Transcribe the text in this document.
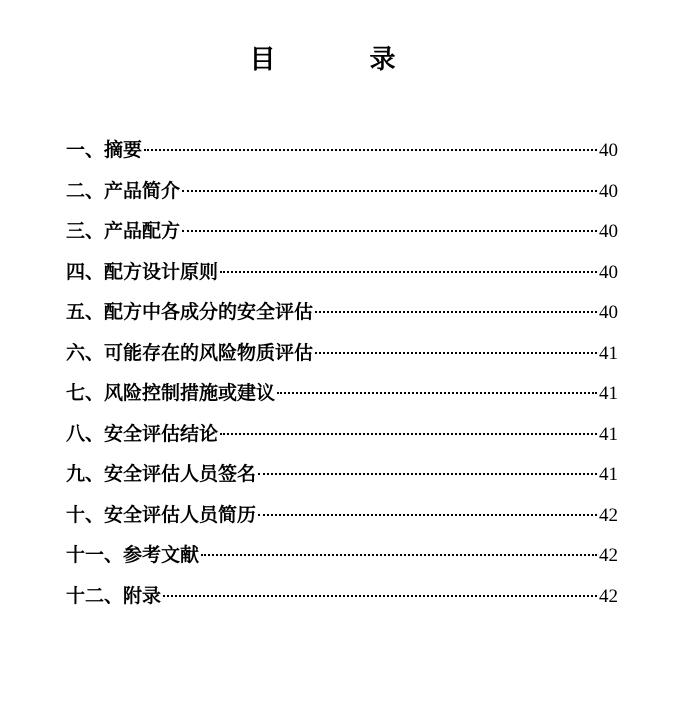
目　录
一、摘要	40
二、产品简介	40
三、产品配方	40
四、配方设计原则	40
五、配方中各成分的安全评估	40
六、可能存在的风险物质评估	41
七、风险控制措施或建议	41
八、安全评估结论	41
九、安全评估人员签名	41
十、安全评估人员简历	42
十一、参考文献	42
十二、附录	42
